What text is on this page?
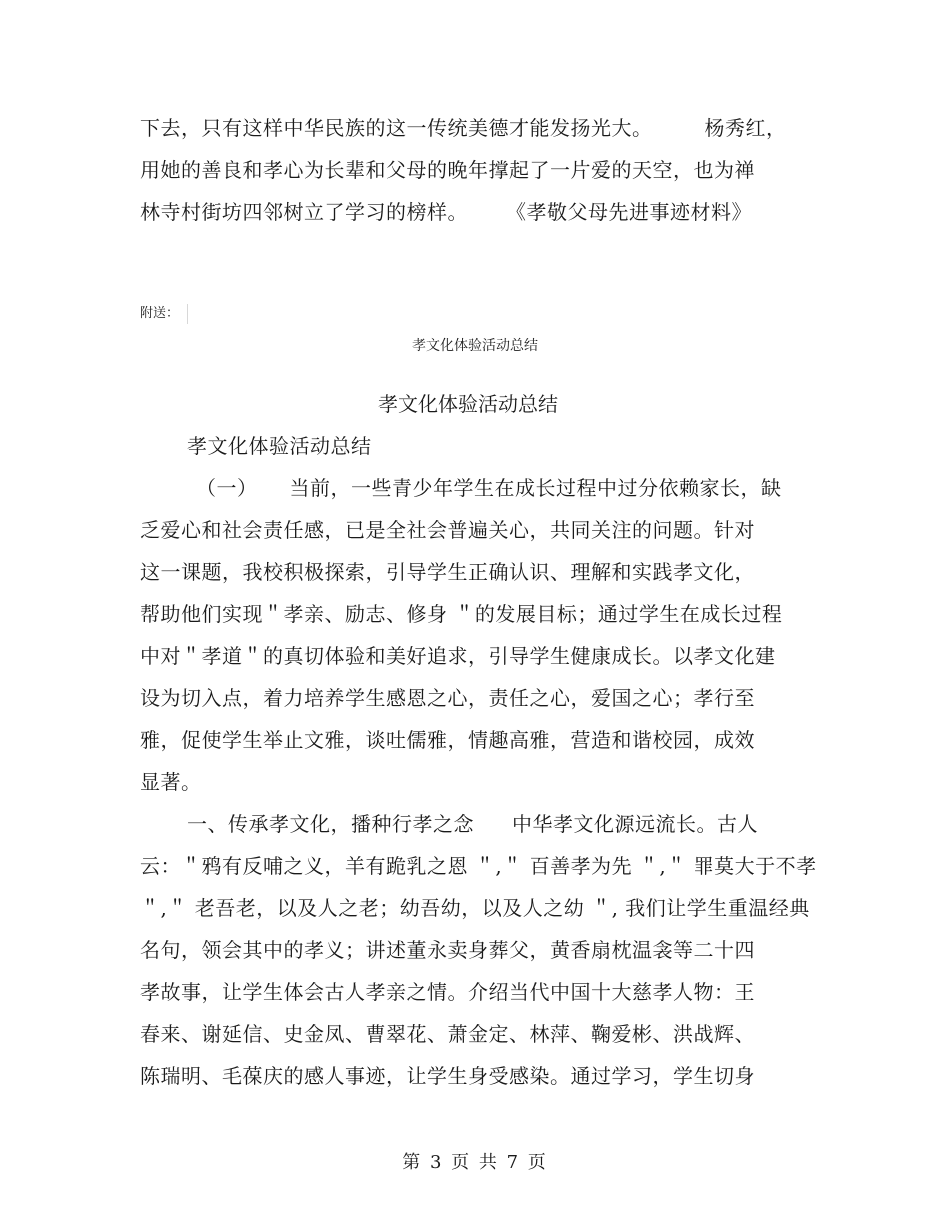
下去，只有这样中华民族的这一传统美德才能发扬光大。	杨秀红，
用她的善良和孝心为长辈和父母的晚年撑起了一片爱的天空，也为禅
林寺村街坊四邻树立了学习的榜样。 《孝敬父母先进事迹材料》
附送：
孝文化体验活动总结
孝文化体验活动总结
孝文化体验活动总结
（一） 当前，一些青少年学生在成长过程中过分依赖家长，缺
乏爱心和社会责任感，已是全社会普遍关心，共同关注的问题。针对
这一课题，我校积极探索，引导学生正确认识、理解和实践孝文化，
帮助他们实现＂孝亲、励志、修身 ＂的发展目标；通过学生在成长过程
中对＂孝道＂的真切体验和美好追求，引导学生健康成长。以孝文化建
设为切入点，着力培养学生感恩之心，责任之心，爱国之心；孝行至
雅，促使学生举止文雅，谈吐儒雅，情趣高雅，营造和谐校园，成效
显著。
一、传承孝文化，播种行孝之念 中华孝文化源远流长。古人
云：＂鸦有反哺之义，羊有跪乳之恩 ＂,＂ 百善孝为先 ＂,＂ 罪莫大于不孝
＂,＂ 老吾老，以及人之老；幼吾幼，以及人之幼 ＂, 我们让学生重温经典
名句，领会其中的孝义；讲述董永卖身葬父，黄香扇枕温衾等二十四
孝故事，让学生体会古人孝亲之情。介绍当代中国十大慈孝人物：王
春来、谢延信、史金凤、曹翠花、萧金定、林萍、鞠爱彬、洪战辉、
陈瑞明、毛葆庆的感人事迹，让学生身受感染。通过学习，学生切身
第 3 页 共 7 页
